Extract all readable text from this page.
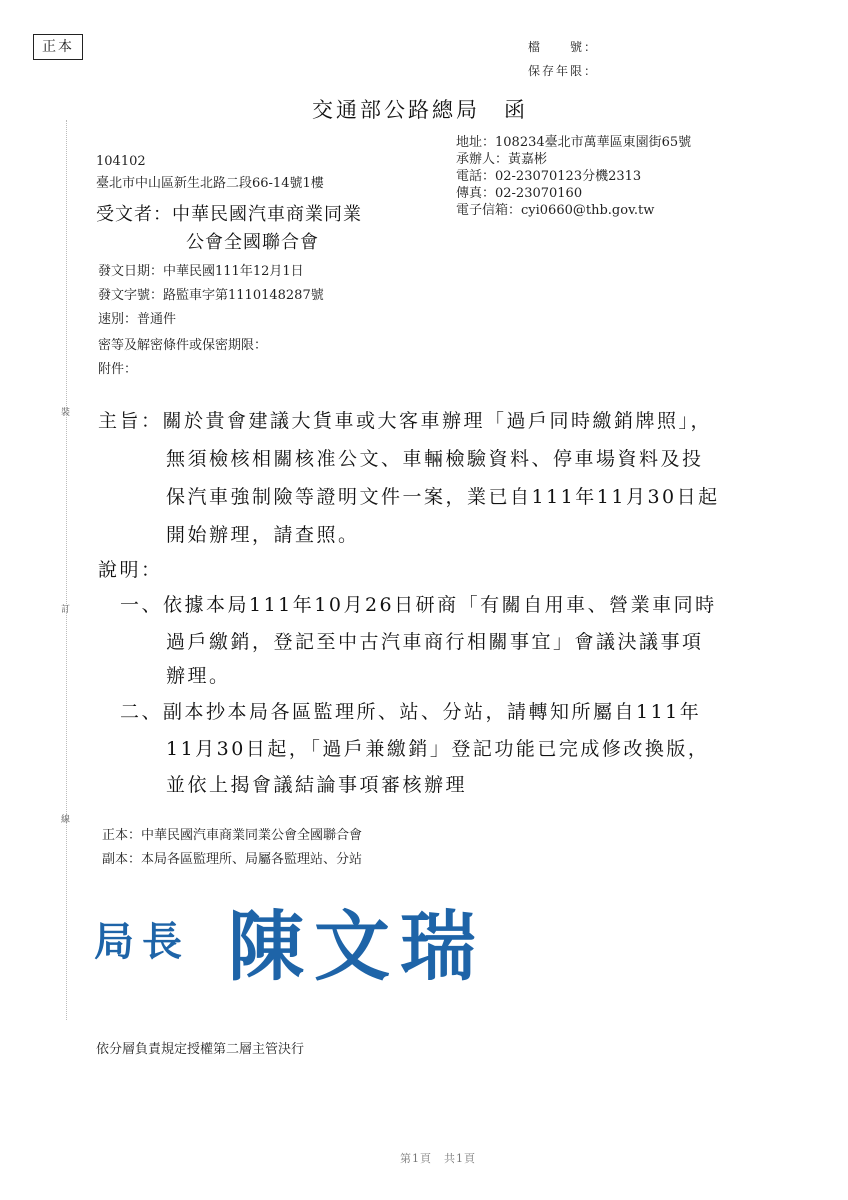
正本	檔　　號：
保存年限：
交通部公路總局　函
地址：108234臺北市萬華區東園街65號
承辦人：黃嘉彬
電話：02-23070123分機2313
傳真：02-23070160
電子信箱：cyi0660@thb.gov.tw
104102
臺北市中山區新生北路二段66-14號1樓
受文者：中華民國汽車商業同業
公會全國聯合會
發文日期：中華民國111年12月1日
發文字號：路監車字第1110148287號
速別：普通件
密等及解密條件或保密期限：
附件：
裝
訂
線
主旨：關於貴會建議大貨車或大客車辦理「過戶同時繳銷牌照」，
無須檢核相關核准公文、車輛檢驗資料、停車場資料及投
保汽車強制險等證明文件一案，業已自111年11月30日起
開始辦理，請查照。
說明：
一、依據本局111年10月26日研商「有關自用車、營業車同時
過戶繳銷，登記至中古汽車商行相關事宜」會議決議事項
辦理。
二、副本抄本局各區監理所、站、分站，請轉知所屬自111年
11月30日起，「過戶兼繳銷」登記功能已完成修改換版，
並依上揭會議結論事項審核辦理
正本：中華民國汽車商業同業公會全國聯合會
副本：本局各區監理所、局屬各監理站、分站
局長 陳文瑞
依分層負責規定授權第二層主管決行
第1頁　共1頁
